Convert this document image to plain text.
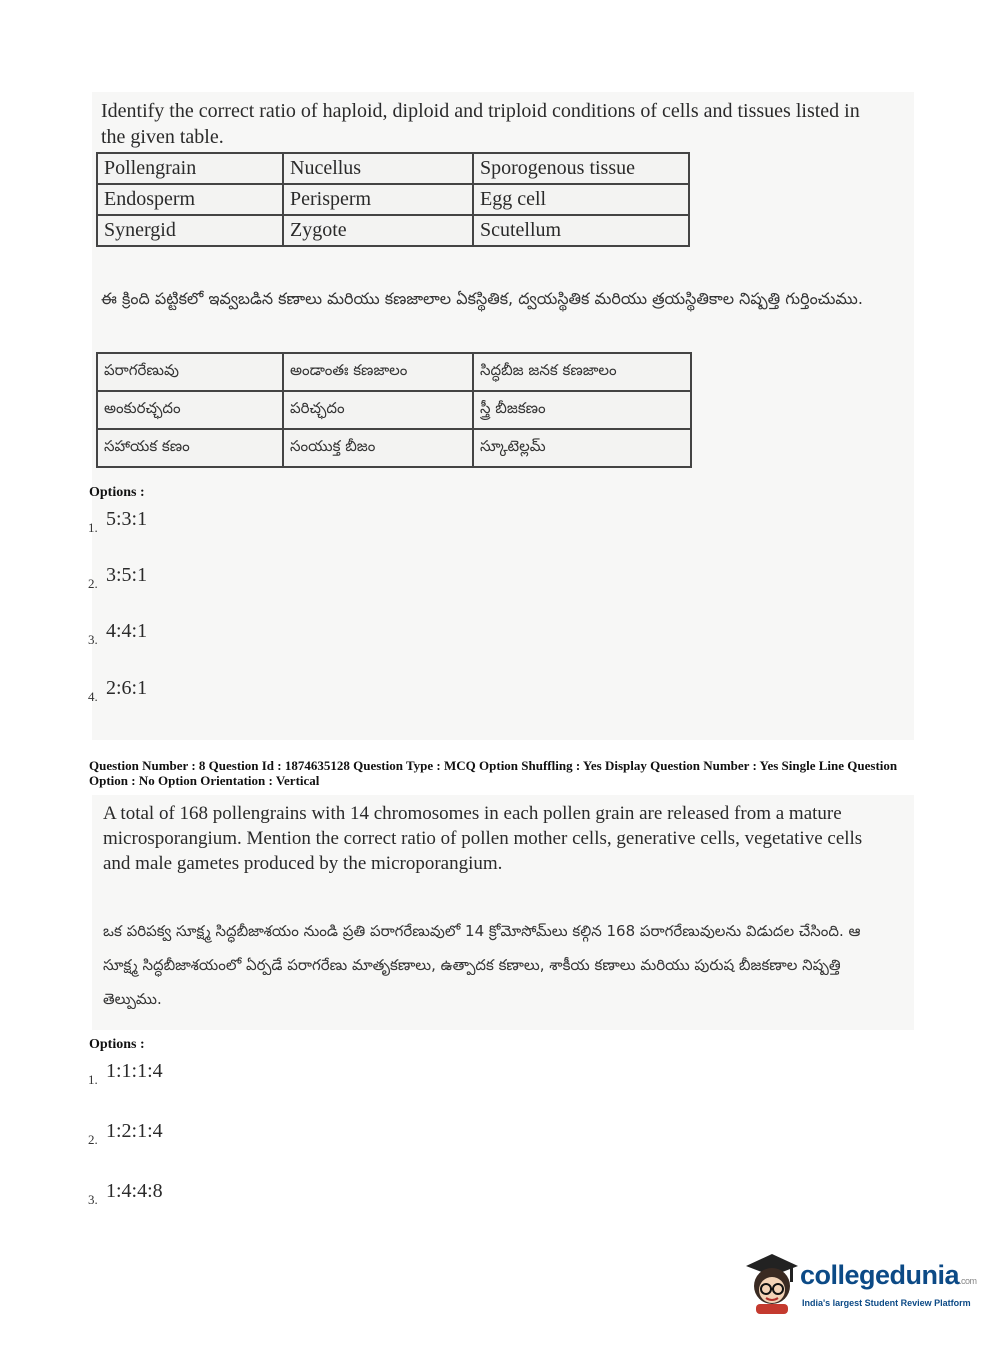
Identify the correct ratio of haploid, diploid and triploid conditions of cells and tissues listed in the given table.
Pollengrain	Nucellus	Sporogenous tissue
Endosperm	Perisperm	Egg cell
Synergid	Zygote	Scutellum
ఈ క్రింది పట్టికలో ఇవ్వబడిన కణాలు మరియు కణజాలాల ఏకస్థితిక, ద్వయస్థితిక మరియు త్రయస్థితికాల నిష్పత్తి గుర్తించుము.
పరాగరేణువు	అండాంతః కణజాలం	సిద్ధబీజ జనక కణజాలం
అంకురచ్ఛదం	పరిచ్ఛదం	స్త్రీ బీజకణం
సహాయక కణం	సంయుక్త బీజం	స్కూటెల్లమ్
Options :
1. 5:3:1
2. 3:5:1
3. 4:4:1
4. 2:6:1
Question Number : 8 Question Id : 1874635128 Question Type : MCQ Option Shuffling : Yes Display Question Number : Yes Single Line Question Option : No Option Orientation : Vertical
A total of 168 pollengrains with 14 chromosomes in each pollen grain are released from a mature microsporangium. Mention the correct ratio of pollen mother cells, generative cells, vegetative cells and male gametes produced by the microporangium.
ఒక పరిపక్వ సూక్ష్మ సిద్ధబీజాశయం నుండి ప్రతి పరాగరేణువులో 14 క్రోమోసోమ్‌లు కల్గిన 168 పరాగరేణువులను విడుదల చేసింది. ఆ సూక్ష్మ సిద్ధబీజాశయంలో ఏర్పడే పరాగరేణు మాతృకణాలు, ఉత్పాదక కణాలు, శాకీయ కణాలు మరియు పురుష బీజకణాల నిష్పత్తి తెల్పుము.
Options :
1. 1:1:1:4
2. 1:2:1:4
3. 1:4:4:8
collegedunia.com
India's largest Student Review Platform
